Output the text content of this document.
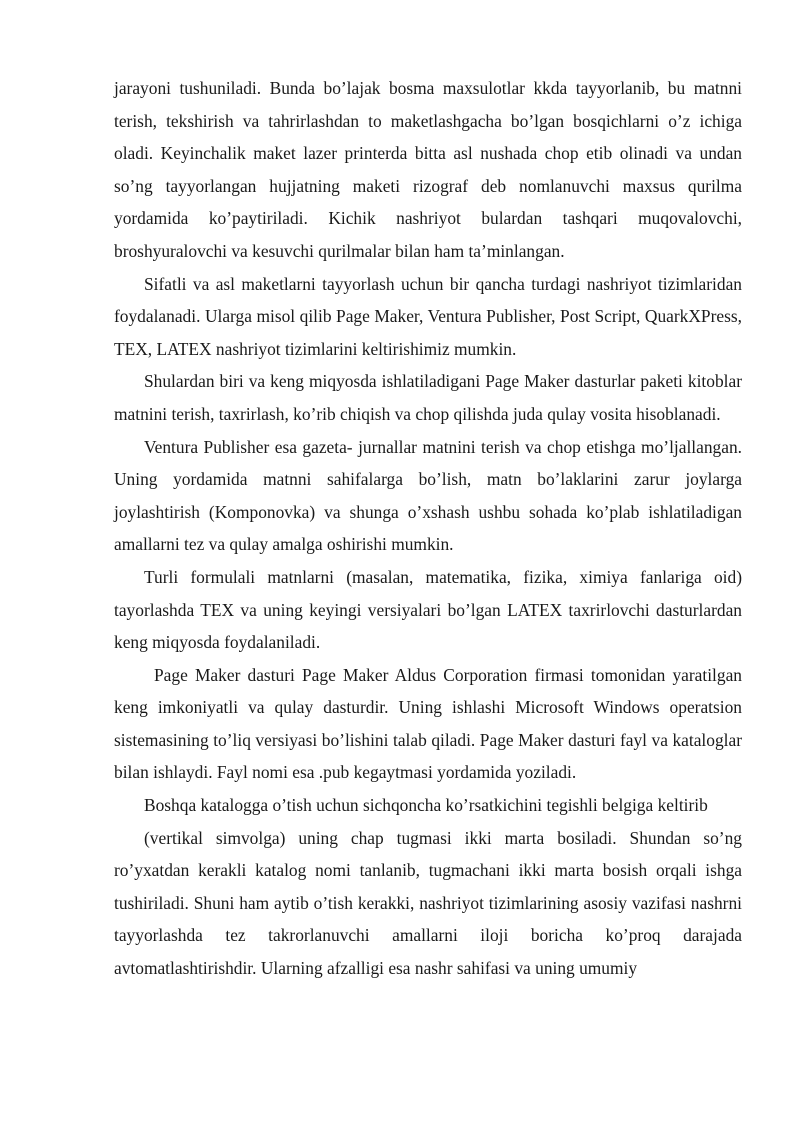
jarayoni tushuniladi. Bunda bo’lajak bosma maxsulotlar kkda tayyorlanib, bu matnni terish, tekshirish va tahrirlashdan to maketlashgacha bo’lgan bosqichlarni o’z ichiga oladi. Keyinchalik maket lazer printerda bitta asl nushada chop etib olinadi va undan so’ng tayyorlangan hujjatning maketi rizograf deb nomlanuvchi maxsus qurilma yordamida ko’paytiriladi. Kichik nashriyot bulardan tashqari muqovalovchi, broshyuralovchi va kesuvchi qurilmalar bilan ham ta’minlangan.

Sifatli va asl maketlarni tayyorlash uchun bir qancha turdagi nashriyot tizimlaridan foydalanadi. Ularga misol qilib Page Maker, Ventura Publisher, Post Script, QuarkXPress, TEX, LATEX nashriyot tizimlarini keltirishimiz mumkin.

Shulardan biri va keng miqyosda ishlatiladigani Page Maker dasturlar paketi kitoblar matnini terish, taxrirlash, ko’rib chiqish va chop qilishda juda qulay vosita hisoblanadi.

Ventura Publisher esa gazeta- jurnallar matnini terish va chop etishga mo’ljallangan. Uning yordamida matnni sahifalarga bo’lish, matn bo’laklarini zarur joylarga joylashtirish (Komponovka) va shunga o’xshash ushbu sohada ko’plab ishlatiladigan amallarni tez va qulay amalga oshirishi mumkin.

Turli formulali matnlarni (masalan, matematika, fizika, ximiya fanlariga oid) tayorlashda TEX va uning keyingi versiyalari bo’lgan LATEX taxrirlovchi dasturlardan keng miqyosda foydalaniladi.

Page Maker dasturi Page Maker Aldus Corporation firmasi tomonidan yaratilgan keng imkoniyatli va qulay dasturdir. Uning ishlashi Microsoft Windows operatsion sistemasining to’liq versiyasi bo’lishini talab qiladi. Page Maker dasturi fayl va kataloglar bilan ishlaydi. Fayl nomi esa .pub kegaytmasi yordamida yoziladi.

Boshqa katalogga o’tish uchun sichqoncha ko’rsatkichini tegishli belgiga keltirib

(vertikal simvolga) uning chap tugmasi ikki marta bosiladi. Shundan so’ng ro’yxatdan kerakli katalog nomi tanlanib, tugmachani ikki marta bosish orqali ishga tushiriladi. Shuni ham aytib o’tish kerakki, nashriyot tizimlarining asosiy vazifasi nashrni tayyorlashda tez takrorlanuvchi amallarni iloji boricha ko’proq darajada avtomatlashtirishdir. Ularning afzalligi esa nashr sahifasi va uning umumiy
